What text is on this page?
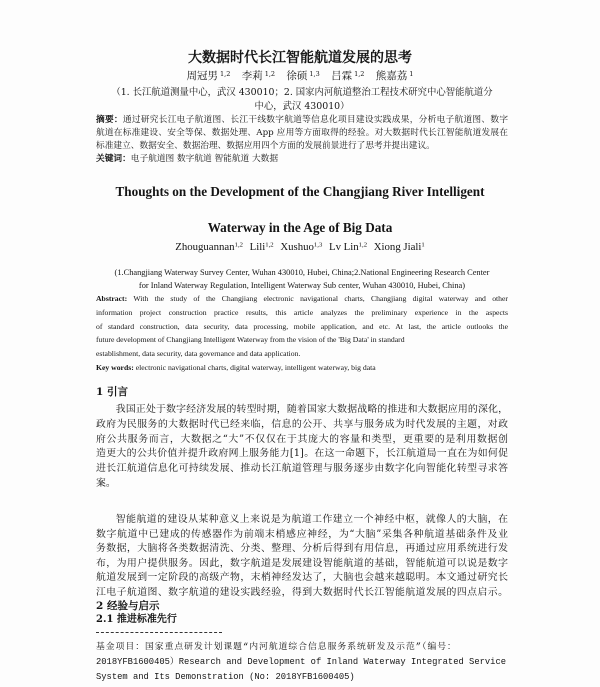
大数据时代长江智能航道发展的思考
周冠男 $^{1,2}$ 李莉 $^{1,2}$ 徐硕 $^{1,3}$ 吕霖 $^{1,2}$ 熊嘉荔 $^1$
（1. 长江航道测量中心，武汉 430010；2. 国家内河航道整治工程技术研究中心智能航道分
中心，武汉 430010）
摘要：通过研究长江电子航道图、长江干线数字航道等信息化项目建设实践成果，分析电子航道图、数字
航道在标准建设、安全等保、数据处理、App 应用等方面取得的经验。对大数据时代长江智能航道发展在
标准建立、数据安全、数据治理、数据应用四个方面的发展前景进行了思考并提出建议。
关键词：电子航道图 数字航道 智能航道 大数据
Thoughts on the Development of the Changjiang River Intelligent
Waterway in the Age of Big Data
Zhouguannan$^{1,2}$ Lili$^{1,2}$ Xushuo$^{1,3}$ Lv Lin$^{1,2}$ Xiong Jiali$^1$
(1.Changjiang Waterway Survey Center, Wuhan 430010, Hubei, China;2.National Engineering Research Center
for Inland Waterway Regulation, Intelligent Waterway Sub center, Wuhan 430010, Hubei, China)
Abstract: With the study of the Changjiang electronic navigational charts, Changjiang digital waterway and other
information project construction practice results, this article analyzes the preliminary experience in the aspects
of standard construction, data security, data processing, mobile application, and etc. At last, the article outlooks the
future development of Changjiang Intelligent Waterway from the vision of the 'Big Data' in standard
establishment, data security, data governance and data application.
Key words: electronic navigational charts, digital waterway, intelligent waterway, big data
1 引言
我国正处于数字经济发展的转型时期，随着国家大数据战略的推进和大数据应用的深化，
政府为民服务的大数据时代已经来临，信息的公开、共享与服务成为时代发展的主题，对政
府公共服务而言，大数据之“大”不仅仅在于其庞大的容量和类型，更重要的是利用数据创
造更大的公共价值并提升政府网上服务能力[1]。在这一命题下，长江航道局一直在为如何促
进长江航道信息化可持续发展、推动长江航道管理与服务逐步由数字化向智能化转型寻求答
案。
智能航道的建设从某种意义上来说是为航道工作建立一个神经中枢，就像人的大脑，在
数字航道中已建成的传感器作为前端末梢感应神经，为“大脑”采集各种航道基础条件及业
务数据，大脑将各类数据清洗、分类、整理、分析后得到有用信息，再通过应用系统进行发
布，为用户提供服务。因此，数字航道是发展建设智能航道的基础，智能航道可以说是数字
航道发展到一定阶段的高级产物，末梢神经发达了，大脑也会越来越聪明。本文通过研究长
江电子航道图、数字航道的建设实践经验，得到大数据时代长江智能航道发展的四点启示。
2 经验与启示
2.1 推进标准先行
基金项目：国家重点研发计划课题“内河航道综合信息服务系统研发及示范”（编号：
2018YFB1600405）Research and Development of Inland Waterway Integrated Service
System and Its Demonstration (No: 2018YFB1600405)
